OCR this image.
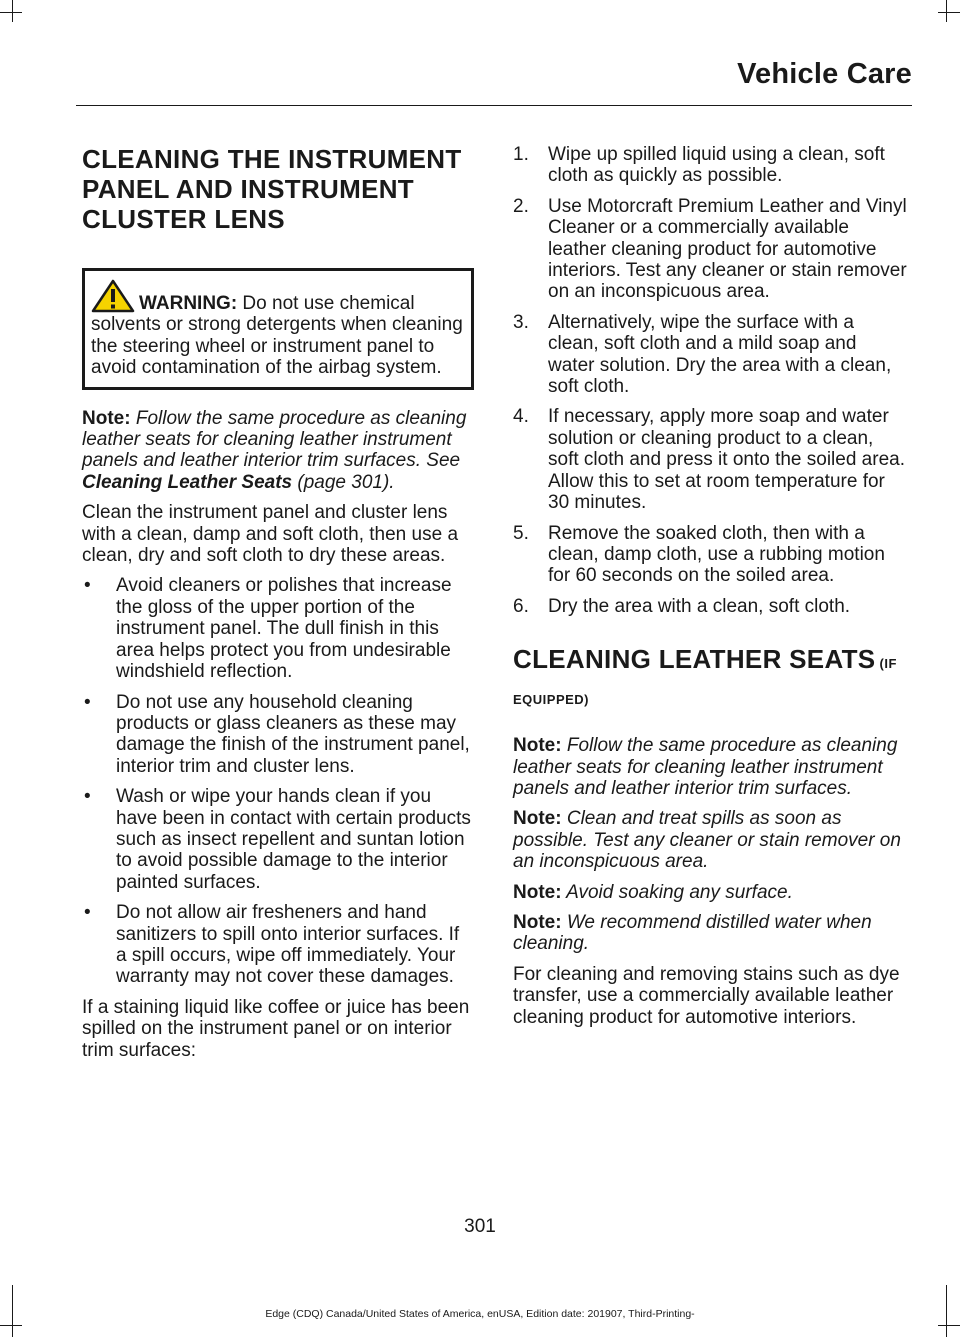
Vehicle Care
CLEANING THE INSTRUMENT
PANEL AND INSTRUMENT
CLUSTER LENS
WARNING: Do not use chemical solvents or strong detergents when cleaning the steering wheel or instrument panel to avoid contamination of the airbag system.

Note: Follow the same procedure as cleaning leather seats for cleaning leather instrument panels and leather interior trim surfaces. See Cleaning Leather Seats (page 301).

Clean the instrument panel and cluster lens with a clean, damp and soft cloth, then use a clean, dry and soft cloth to dry these areas.

• Avoid cleaners or polishes that increase the gloss of the upper portion of the instrument panel. The dull finish in this area helps protect you from undesirable windshield reflection.
• Do not use any household cleaning products or glass cleaners as these may damage the finish of the instrument panel, interior trim and cluster lens.
• Wash or wipe your hands clean if you have been in contact with certain products such as insect repellent and suntan lotion to avoid possible damage to the interior painted surfaces.
• Do not allow air fresheners and hand sanitizers to spill onto interior surfaces. If a spill occurs, wipe off immediately. Your warranty may not cover these damages.

If a staining liquid like coffee or juice has been spilled on the instrument panel or on interior trim surfaces:

1. Wipe up spilled liquid using a clean, soft cloth as quickly as possible.
2. Use Motorcraft Premium Leather and Vinyl Cleaner or a commercially available leather cleaning product for automotive interiors. Test any cleaner or stain remover on an inconspicuous area.
3. Alternatively, wipe the surface with a clean, soft cloth and a mild soap and water solution. Dry the area with a clean, soft cloth.
4. If necessary, apply more soap and water solution or cleaning product to a clean, soft cloth and press it onto the soiled area. Allow this to set at room temperature for 30 minutes.
5. Remove the soaked cloth, then with a clean, damp cloth, use a rubbing motion for 60 seconds on the soiled area.
6. Dry the area with a clean, soft cloth.
CLEANING LEATHER SEATS (IF
EQUIPPED)

Note: Follow the same procedure as cleaning leather seats for cleaning leather instrument panels and leather interior trim surfaces.

Note: Clean and treat spills as soon as possible. Test any cleaner or stain remover on an inconspicuous area.

Note: Avoid soaking any surface.

Note: We recommend distilled water when cleaning.

For cleaning and removing stains such as dye transfer, use a commercially available leather cleaning product for automotive interiors.

301
Edge (CDQ) Canada/United States of America, enUSA, Edition date: 201907, Third-Printing-
